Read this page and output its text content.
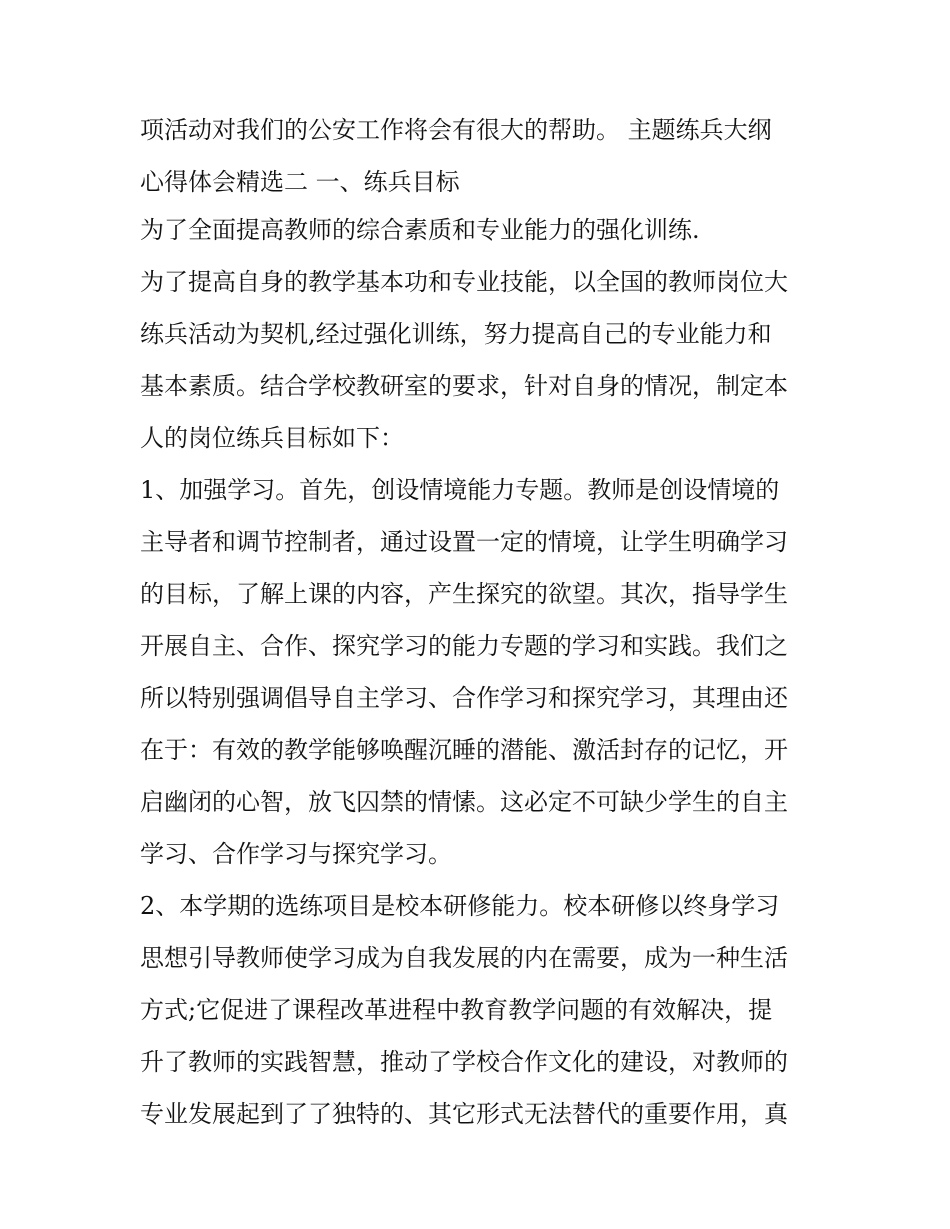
项活动对我们的公安工作将会有很大的帮助。 主题练兵大纲
心得体会精选二 一、练兵目标
为了全面提高教师的综合素质和专业能力的强化训练.
为了提高自身的教学基本功和专业技能，以全国的教师岗位大
练兵活动为契机,经过强化训练，努力提高自己的专业能力和
基本素质。结合学校教研室的要求，针对自身的情况，制定本
人的岗位练兵目标如下：
1、加强学习。首先，创设情境能力专题。教师是创设情境的
主导者和调节控制者，通过设置一定的情境，让学生明确学习
的目标，了解上课的内容，产生探究的欲望。其次，指导学生
开展自主、合作、探究学习的能力专题的学习和实践。我们之
所以特别强调倡导自主学习、合作学习和探究学习，其理由还
在于：有效的教学能够唤醒沉睡的潜能、激活封存的记忆，开
启幽闭的心智，放飞囚禁的情愫。这必定不可缺少学生的自主
学习、合作学习与探究学习。
2、本学期的选练项目是校本研修能力。校本研修以终身学习
思想引导教师使学习成为自我发展的内在需要，成为一种生活
方式;它促进了课程改革进程中教育教学问题的有效解决，提
升了教师的实践智慧，推动了学校合作文化的建设，对教师的
专业发展起到了了独特的、其它形式无法替代的重要作用，真
